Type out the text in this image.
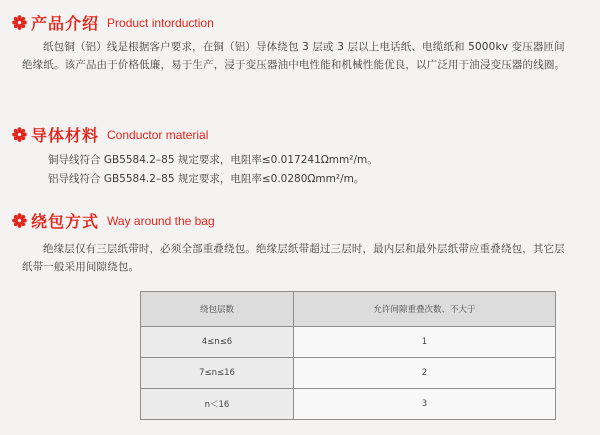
产品介绍 Product intorduction
纸包铜（铝）线是根据客户要求，在铜（铝）导体绕包 3 层或 3 层以上电话纸、电缆纸和 5000kv 变压器匝间绝缘纸。该产品由于价格低廉，易于生产，浸于变压器油中电性能和机械性能优良，以广泛用于油浸变压器的线圈。
导体材料 Conductor material
铜导线符合 GB5584.2–85 规定要求，电阻率≤0.017241Ωmm²/m。
铝导线符合 GB5584.2–85 规定要求，电阻率≤0.0280Ωmm²/m。
绕包方式 Way around the bag
绝缘层仅有三层纸带时，必须全部重叠绕包。绝缘层纸带超过三层时，最内层和最外层纸带应重叠绕包，其它层纸带一般采用间隙绕包。
绕包层数	允许间隙重叠次数、不大于
4≤n≤6	1
7≤n≤16	2
n＜16	3
